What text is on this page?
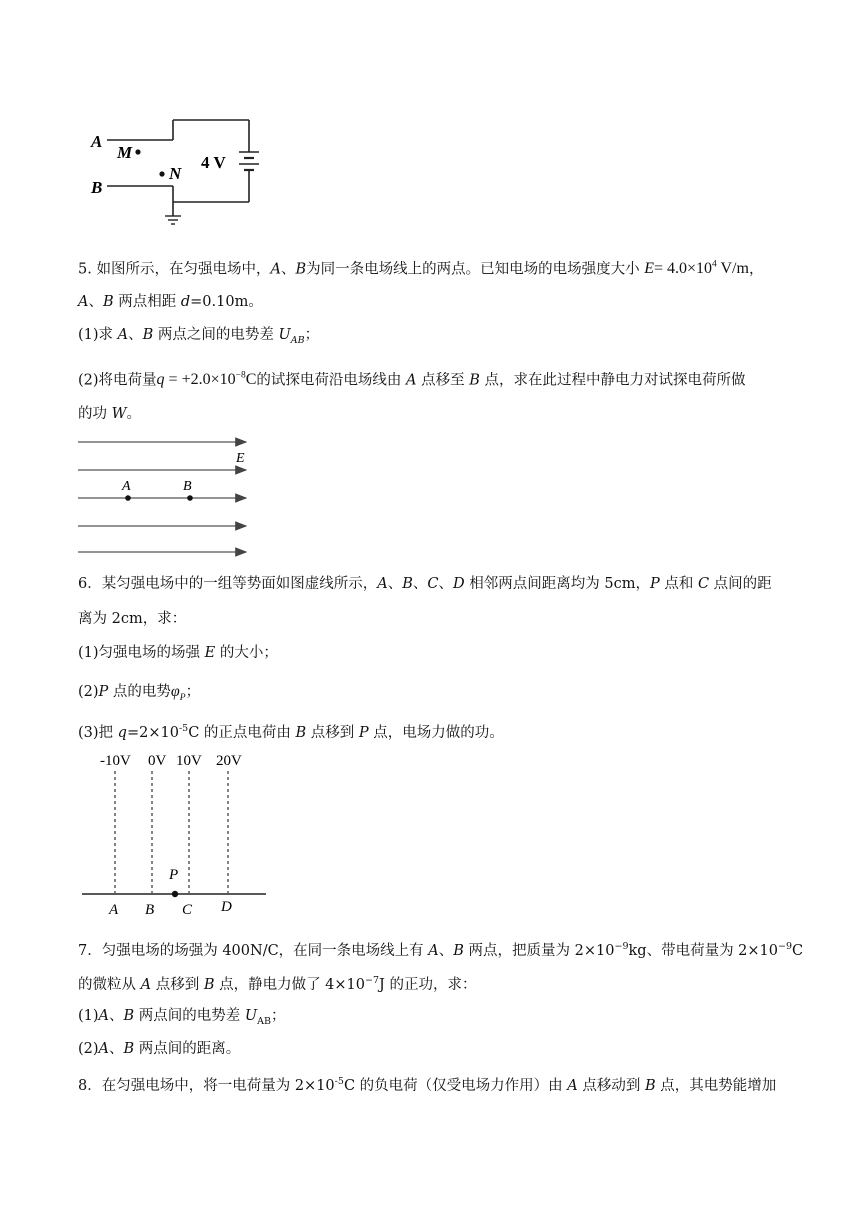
A
M
B
N
4 V
5. 如图所示，在匀强电场中，A、B为同一条电场线上的两点。已知电场的电场强度大小 $E= 4.0\times 10^4$ V/m，
A、B 两点相距 d=0.10m。
(1)求 A、B 两点之间的电势差 $U_{AB}$；
(2)将电荷量$q = +2.0\times 10^{-8}C$的试探电荷沿电场线由 A 点移至 B 点，求在此过程中静电力对试探电荷所做
的功 W。
E
A	B
6．某匀强电场中的一组等势面如图虚线所示，A、B、C、D 相邻两点间距离均为 5cm，P 点和 C 点间的距
离为 2cm，求：
(1)匀强电场的场强 E 的大小；
(2)P 点的电势$\varphi_P$；
(3)把 $q=2\times 10^{-5}C$ 的正点电荷由 B 点移到 P 点，电场力做的功。
-10V 0V 10V 20V
P
A B C D
7．匀强电场的场强为 400N/C，在同一条电场线上有 A、B 两点，把质量为 $2\times 10^{-9}kg$、带电荷量为 $2\times 10^{-9}C$
的微粒从 A 点移到 B 点，静电力做了 $4\times 10^{-7}J$ 的正功，求：
(1)A、B 两点间的电势差 $U_{AB}$；
(2)A、B 两点间的距离。
8．在匀强电场中，将一电荷量为 $2\times 10^{-5}C$ 的负电荷（仅受电场力作用）由 A 点移动到 B 点，其电势能增加
